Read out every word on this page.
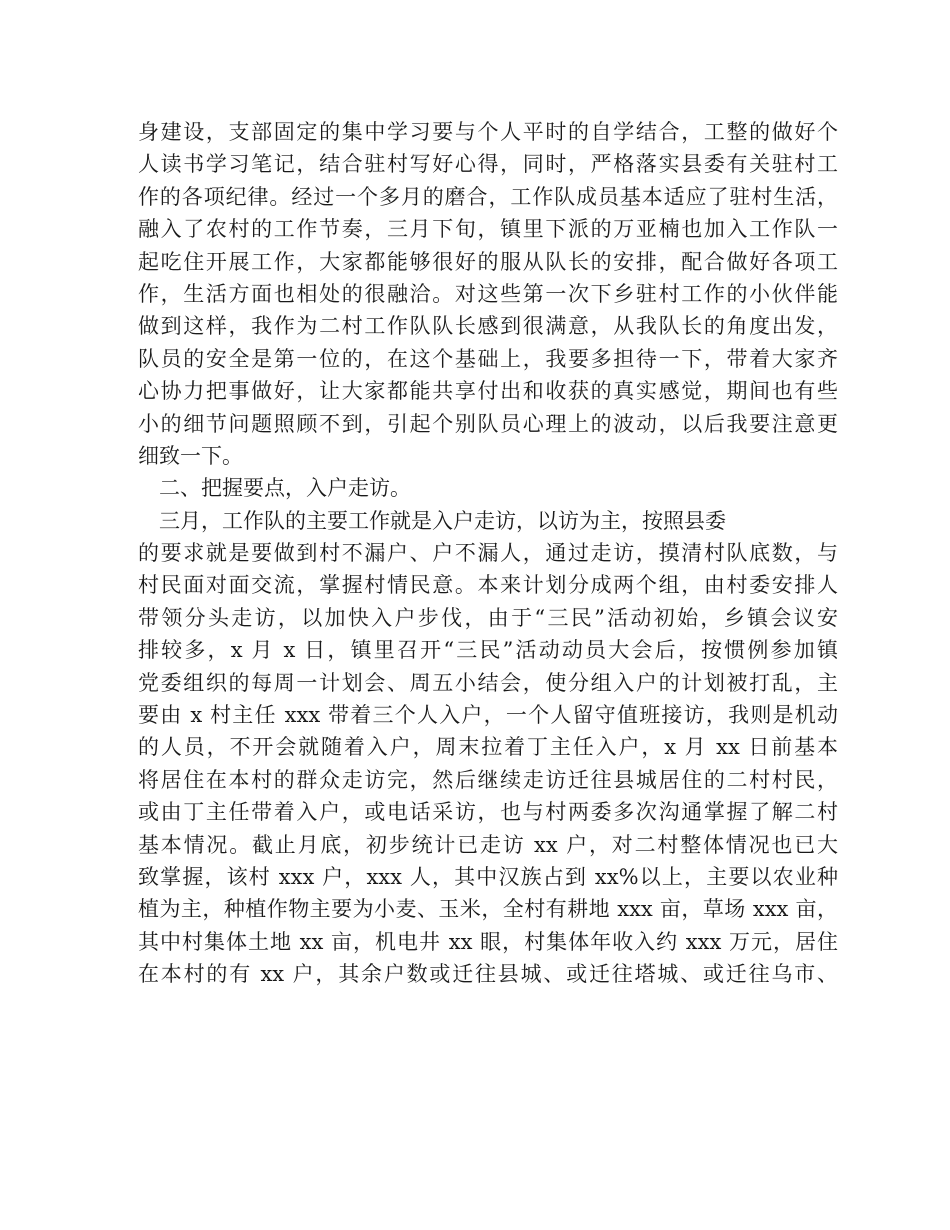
身建设，支部固定的集中学习要与个人平时的自学结合，工整的做好个
人读书学习笔记，结合驻村写好心得，同时，严格落实县委有关驻村工
作的各项纪律。经过一个多月的磨合，工作队成员基本适应了驻村生活，
融入了农村的工作节奏，三月下旬，镇里下派的万亚楠也加入工作队一
起吃住开展工作，大家都能够很好的服从队长的安排，配合做好各项工
作，生活方面也相处的很融洽。对这些第一次下乡驻村工作的小伙伴能
做到这样，我作为二村工作队队长感到很满意，从我队长的角度出发，
队员的安全是第一位的，在这个基础上，我要多担待一下，带着大家齐
心协力把事做好，让大家都能共享付出和收获的真实感觉，期间也有些
小的细节问题照顾不到，引起个别队员心理上的波动，以后我要注意更
细致一下。
二、把握要点，入户走访。
三月，工作队的主要工作就是入户走访，以访为主，按照县委
的要求就是要做到村不漏户、户不漏人，通过走访，摸清村队底数，与
村民面对面交流，掌握村情民意。本来计划分成两个组，由村委安排人
带领分头走访，以加快入户步伐，由于“三民”活动初始，乡镇会议安
排较多，x 月 x 日，镇里召开“三民”活动动员大会后，按惯例参加镇
党委组织的每周一计划会、周五小结会，使分组入户的计划被打乱，主
要由 x 村主任 xxx 带着三个人入户，一个人留守值班接访，我则是机动
的人员，不开会就随着入户，周末拉着丁主任入户，x 月 xx 日前基本
将居住在本村的群众走访完，然后继续走访迁往县城居住的二村村民，
或由丁主任带着入户，或电话采访，也与村两委多次沟通掌握了解二村
基本情况。截止月底，初步统计已走访 xx 户，对二村整体情况也已大
致掌握，该村 xxx 户，xxx 人，其中汉族占到 xx%以上，主要以农业种
植为主，种植作物主要为小麦、玉米，全村有耕地 xxx 亩，草场 xxx 亩，
其中村集体土地 xx 亩，机电井 xx 眼，村集体年收入约 xxx 万元，居住
在本村的有 xx 户，其余户数或迁往县城、或迁往塔城、或迁往乌市、
